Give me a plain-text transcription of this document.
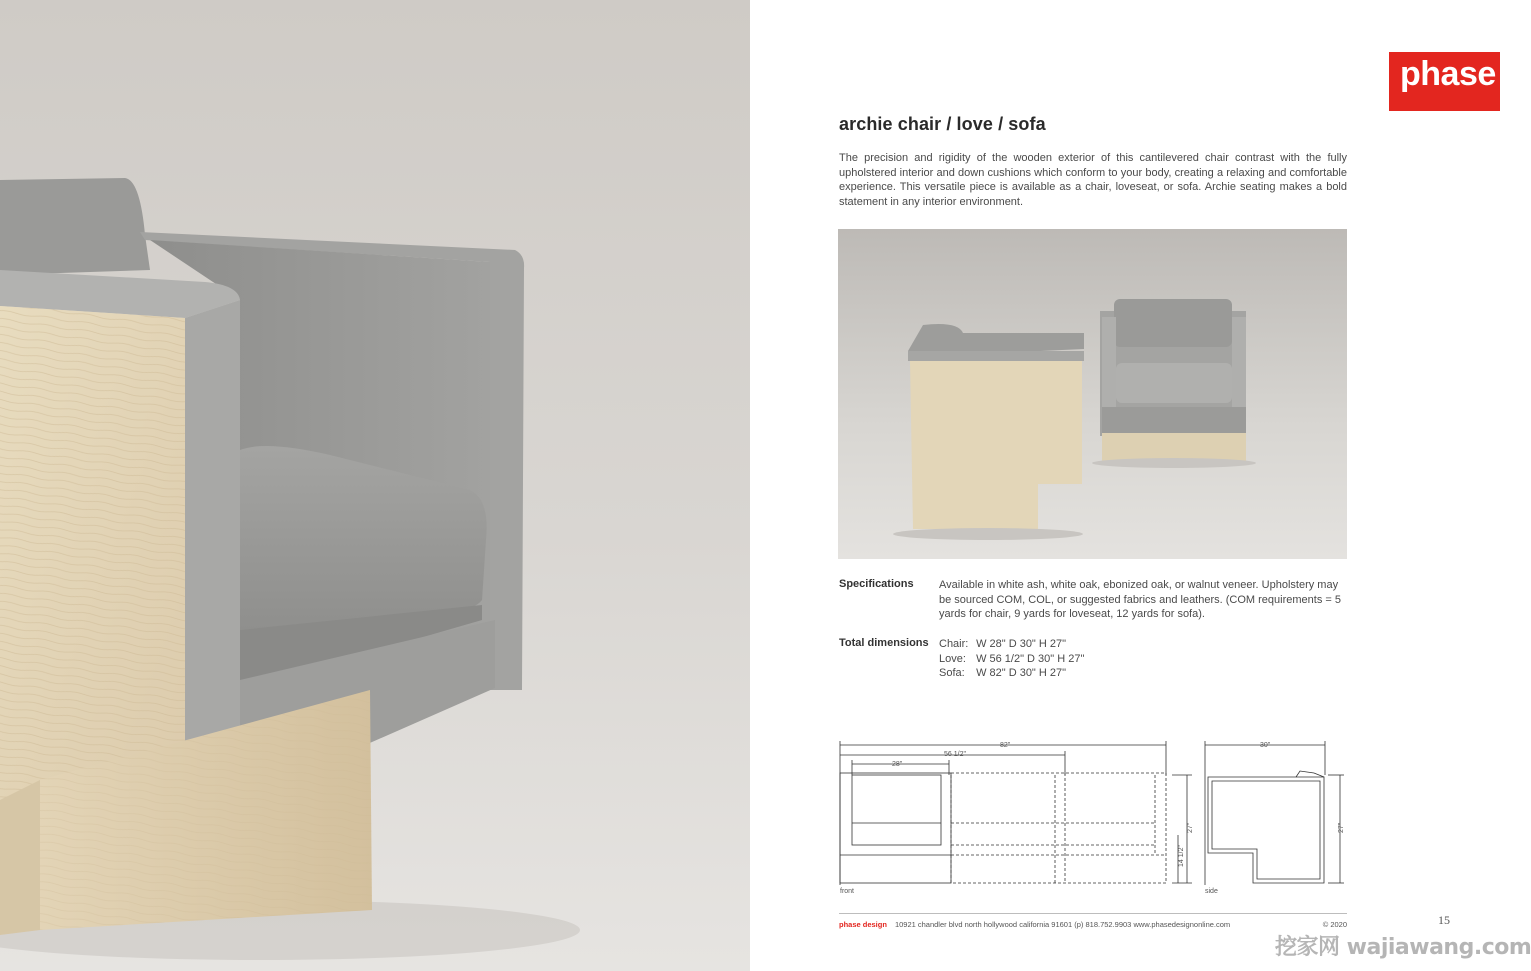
phase
archie chair / love / sofa

The precision and rigidity of the wooden exterior of this cantilevered chair contrast with the fully upholstered interior and down cushions which conform to your body, creating a relaxing and comfortable experience. This versatile piece is available as a chair, loveseat, or sofa. Archie seating makes a bold statement in any interior environment.

Specifications Available in white ash, white oak, ebonized oak, or walnut veneer. Upholstery may be sourced COM, COL, or suggested fabrics and leathers. (COM requirements = 5 yards for chair, 9 yards for loveseat, 12 yards for sofa).
Total dimensions Chair: W 28" D 30" H 27"
Love: W 56 1/2" D 30" H 27"
Sofa: W 82" D 30" H 27"
82"
56 1/2"
28"
30"
27"
14 1/2"
27"
front	side
phase design 10921 chandler blvd north hollywood california 91601 (p) 818.752.9903 www.phasedesignonline.com	© 2020	15
挖家网 wajiawang.com
